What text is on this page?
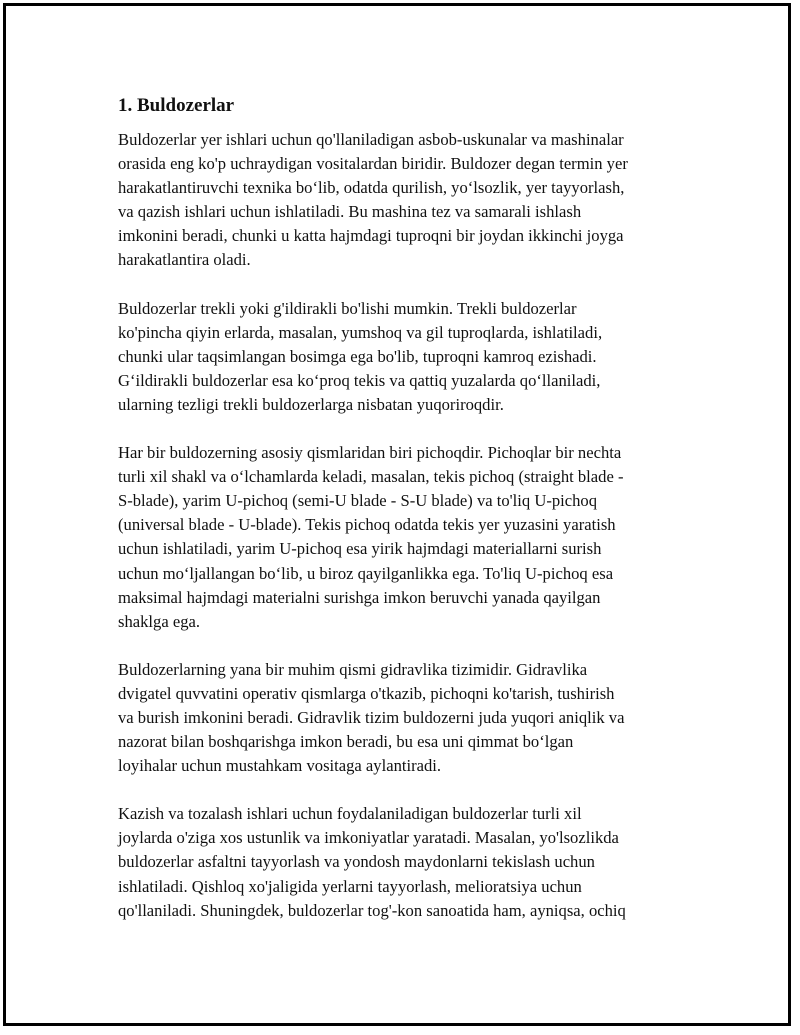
1. Buldozerlar

Buldozerlar yer ishlari uchun qo'llaniladigan asbob-uskunalar va mashinalar
orasida eng ko'p uchraydigan vositalardan biridir. Buldozer degan termin yer
harakatlantiruvchi texnika bo‘lib, odatda qurilish, yo‘lsozlik, yer tayyorlash,
va qazish ishlari uchun ishlatiladi. Bu mashina tez va samarali ishlash
imkonini beradi, chunki u katta hajmdagi tuproqni bir joydan ikkinchi joyga
harakatlantira oladi.

Buldozerlar trekli yoki g'ildirakli bo'lishi mumkin. Trekli buldozerlar
ko'pincha qiyin erlarda, masalan, yumshoq va gil tuproqlarda, ishlatiladi,
chunki ular taqsimlangan bosimga ega bo'lib, tuproqni kamroq ezishadi.
G‘ildirakli buldozerlar esa ko‘proq tekis va qattiq yuzalarda qo‘llaniladi,
ularning tezligi trekli buldozerlarga nisbatan yuqoriroqdir.

Har bir buldozerning asosiy qismlaridan biri pichoqdir. Pichoqlar bir nechta
turli xil shakl va o‘lchamlarda keladi, masalan, tekis pichoq (straight blade -
S-blade), yarim U-pichoq (semi-U blade - S-U blade) va to'liq U-pichoq
(universal blade - U-blade). Tekis pichoq odatda tekis yer yuzasini yaratish
uchun ishlatiladi, yarim U-pichoq esa yirik hajmdagi materiallarni surish
uchun mo‘ljallangan bo‘lib, u biroz qayilganlikka ega. To'liq U-pichoq esa
maksimal hajmdagi materialni surishga imkon beruvchi yanada qayilgan
shaklga ega.

Buldozerlarning yana bir muhim qismi gidravlika tizimidir. Gidravlika
dvigatel quvvatini operativ qismlarga o'tkazib, pichoqni ko'tarish, tushirish
va burish imkonini beradi. Gidravlik tizim buldozerni juda yuqori aniqlik va
nazorat bilan boshqarishga imkon beradi, bu esa uni qimmat bo‘lgan
loyihalar uchun mustahkam vositaga aylantiradi.

Kazish va tozalash ishlari uchun foydalaniladigan buldozerlar turli xil
joylarda o'ziga xos ustunlik va imkoniyatlar yaratadi. Masalan, yo'lsozlikda
buldozerlar asfaltni tayyorlash va yondosh maydonlarni tekislash uchun
ishlatiladi. Qishloq xo'jaligida yerlarni tayyorlash, melioratsiya uchun
qo'llaniladi. Shuningdek, buldozerlar tog'-kon sanoatida ham, ayniqsa, ochiq
